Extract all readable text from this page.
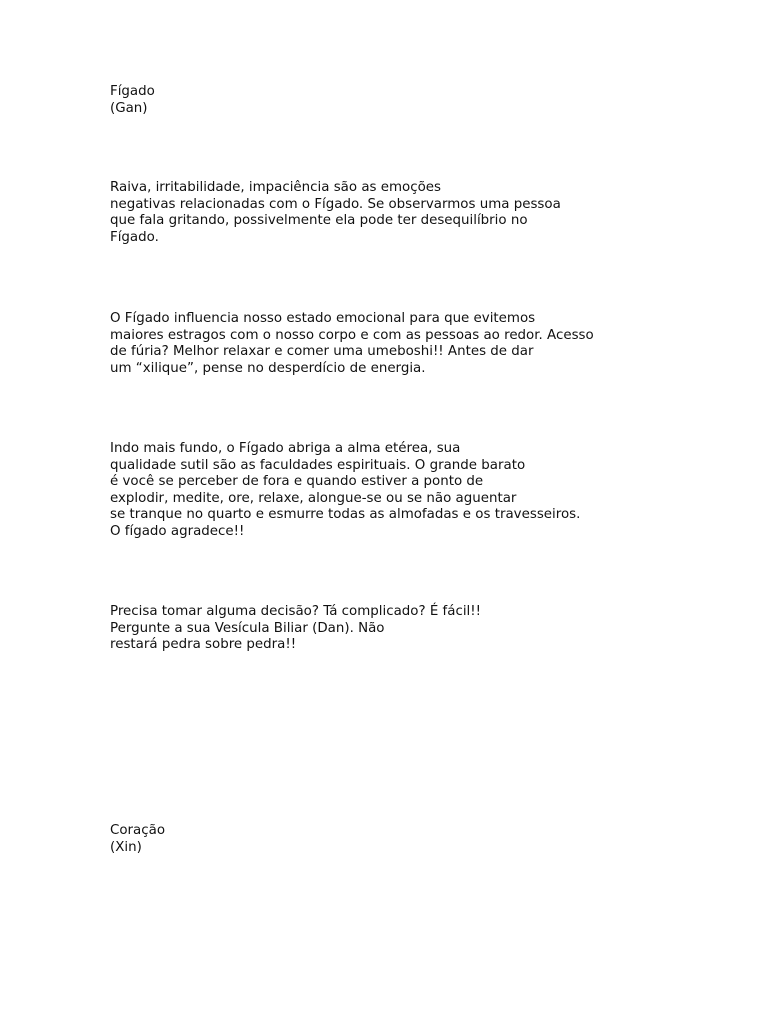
Fígado
(Gan)
Raiva, irritabilidade, impaciência são as emoções
negativas relacionadas com o Fígado. Se observarmos uma pessoa
que fala gritando, possivelmente ela pode ter desequilíbrio no
Fígado.
O Fígado influencia nosso estado emocional para que evitemos
maiores estragos com o nosso corpo e com as pessoas ao redor. Acesso
de fúria? Melhor relaxar e comer uma umeboshi!! Antes de dar
um “xilique”, pense no desperdício de energia.
Indo mais fundo, o Fígado abriga a alma etérea, sua
qualidade sutil são as faculdades espirituais. O grande barato
é você se perceber de fora e quando estiver a ponto de
explodir, medite, ore, relaxe, alongue-se ou se não aguentar
se tranque no quarto e esmurre todas as almofadas e os travesseiros.
O fígado agradece!!
Precisa tomar alguma decisão? Tá complicado? É fácil!!
Pergunte a sua Vesícula Biliar (Dan). Não
restará pedra sobre pedra!!
Coração
(Xin)
